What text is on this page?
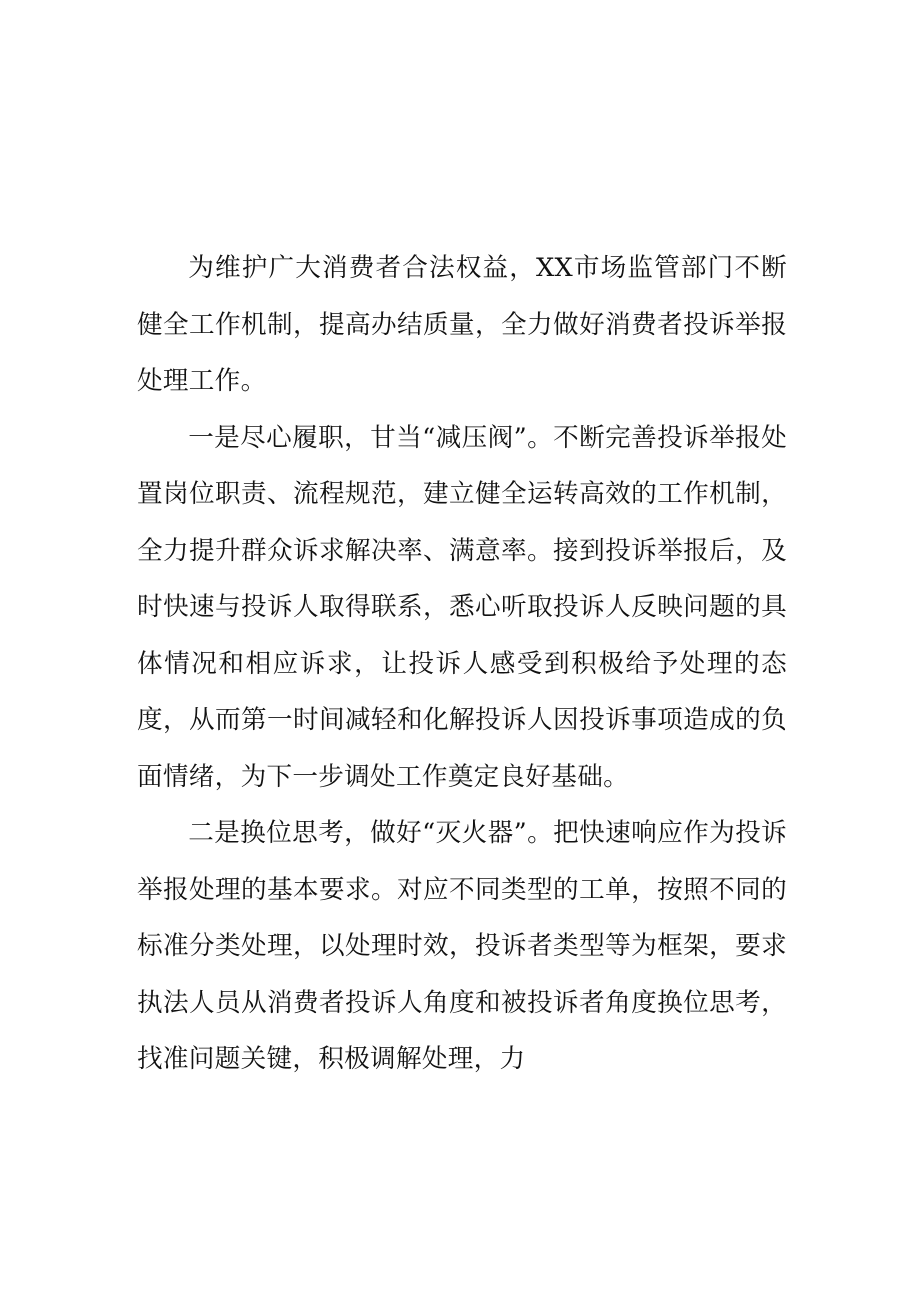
为维护广大消费者合法权益，XX市场监管部门不断健全工作机制，提高办结质量，全力做好消费者投诉举报处理工作。

一是尽心履职，甘当“减压阀”。不断完善投诉举报处置岗位职责、流程规范，建立健全运转高效的工作机制，全力提升群众诉求解决率、满意率。接到投诉举报后，及时快速与投诉人取得联系，悉心听取投诉人反映问题的具体情况和相应诉求，让投诉人感受到积极给予处理的态度，从而第一时间减轻和化解投诉人因投诉事项造成的负面情绪，为下一步调处工作奠定良好基础。

二是换位思考，做好“灭火器”。把快速响应作为投诉举报处理的基本要求。对应不同类型的工单，按照不同的标准分类处理，以处理时效，投诉者类型等为框架，要求执法人员从消费者投诉人角度和被投诉者角度换位思考，找准问题关键，积极调解处理，力
